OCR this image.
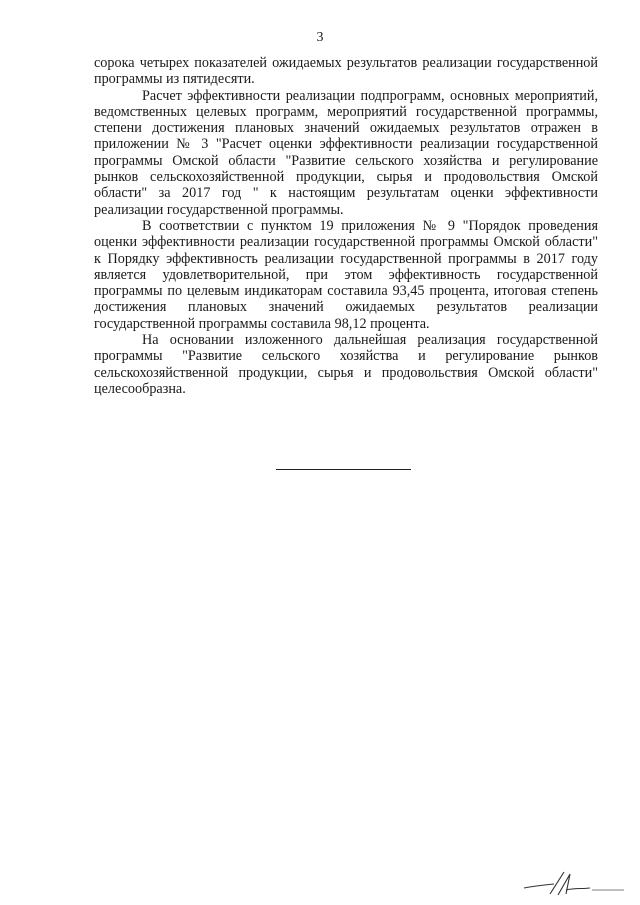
3

сорока четырех показателей ожидаемых результатов реализации государственной программы из пятидесяти.

Расчет эффективности реализации подпрограмм, основных мероприятий, ведомственных целевых программ, мероприятий государственной программы, степени достижения плановых значений ожидаемых результатов отражен в приложении № 3 "Расчет оценки эффективности реализации государственной программы Омской области "Развитие сельского хозяйства и регулирование рынков сельскохозяйственной продукции, сырья и продовольствия Омской области" за 2017 год " к настоящим результатам оценки эффективности реализации государственной программы.

В соответствии с пунктом 19 приложения № 9 "Порядок проведения оценки эффективности реализации государственной программы Омской области" к Порядку эффективность реализации государственной программы в 2017 году является удовлетворительной, при этом эффективность государственной программы по целевым индикаторам составила 93,45 процента, итоговая степень достижения плановых значений ожидаемых результатов реализации государственной программы составила 98,12 процента.

На основании изложенного дальнейшая реализация государственной программы "Развитие сельского хозяйства и регулирование рынков сельскохозяйственной продукции, сырья и продовольствия Омской области" целесообразна.
